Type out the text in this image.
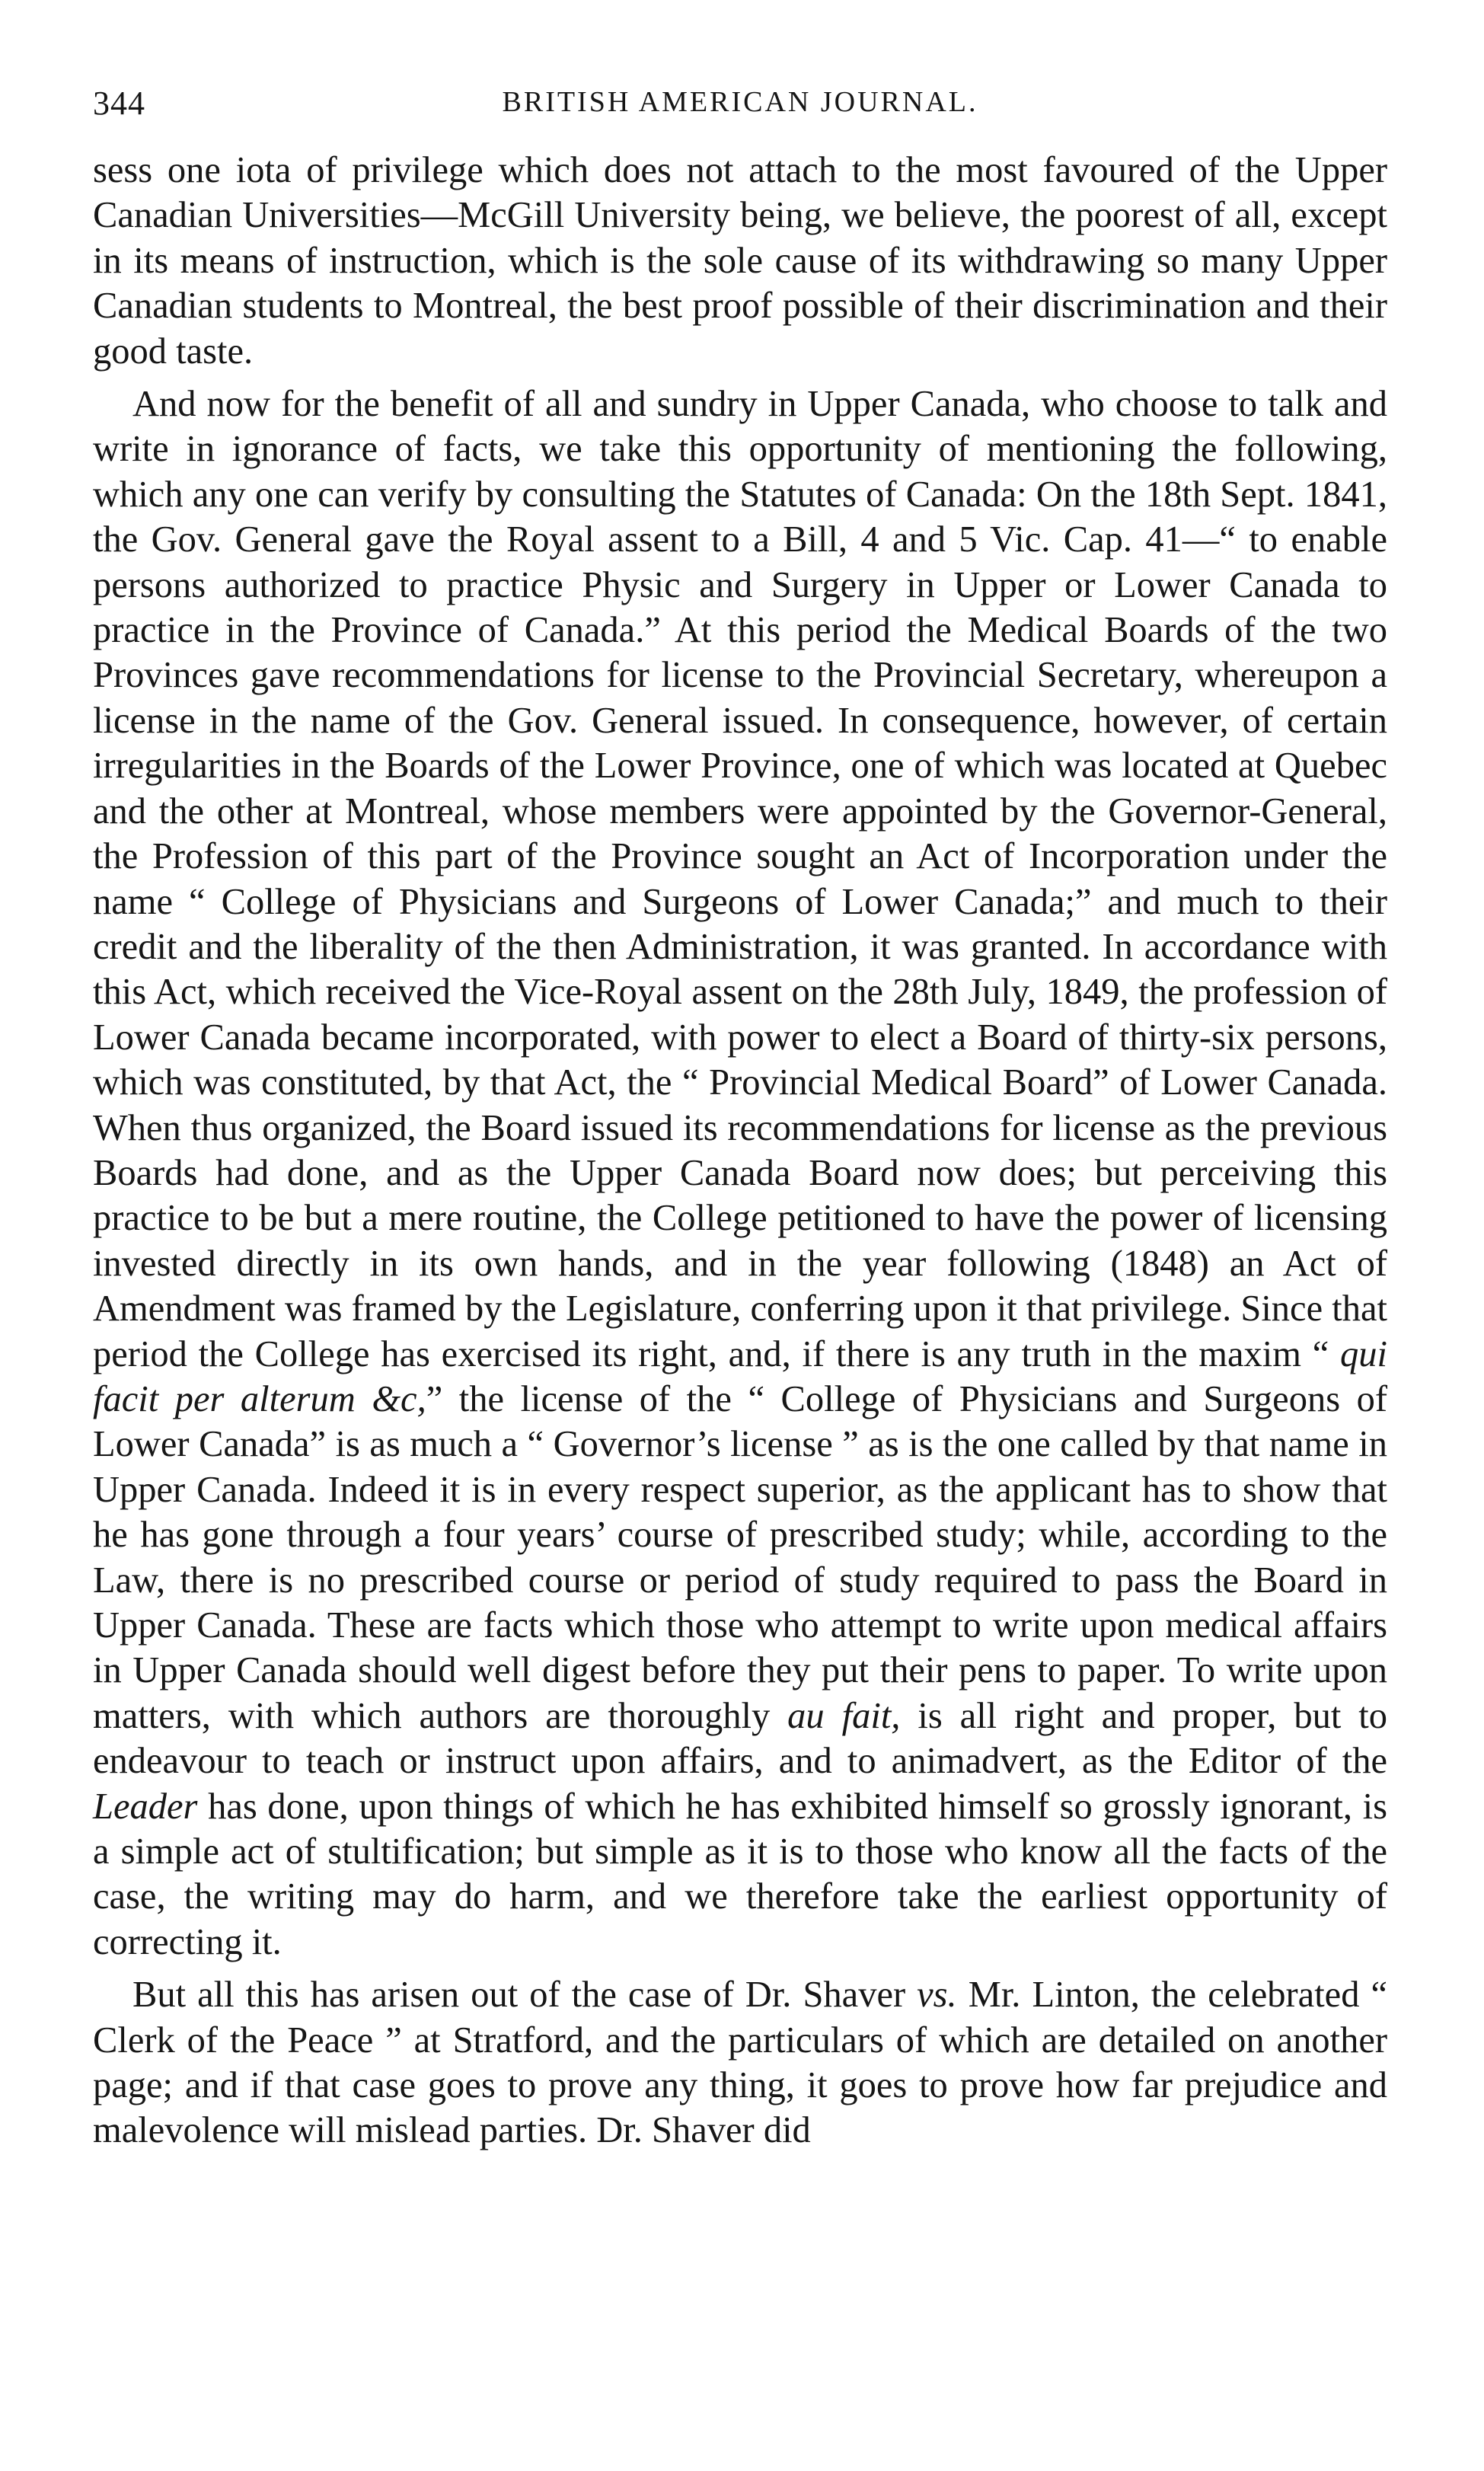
344	BRITISH AMERICAN JOURNAL.

sess one iota of privilege which does not attach to the most favoured of the Upper Canadian Universities—McGill University being, we believe, the poorest of all, except in its means of instruction, which is the sole cause of its withdrawing so many Upper Canadian students to Montreal, the best proof possible of their discrimination and their good taste.

And now for the benefit of all and sundry in Upper Canada, who choose to talk and write in ignorance of facts, we take this opportunity of mentioning the following, which any one can verify by consulting the Statutes of Canada: On the 18th Sept. 1841, the Gov. General gave the Royal assent to a Bill, 4 and 5 Vic. Cap. 41—“ to enable persons authorized to practice Physic and Surgery in Upper or Lower Canada to practice in the Province of Canada.” At this period the Medical Boards of the two Provinces gave recommendations for license to the Provincial Secretary, whereupon a license in the name of the Gov. General issued. In consequence, however, of certain irregularities in the Boards of the Lower Province, one of which was located at Quebec and the other at Montreal, whose members were appointed by the Governor-General, the Profession of this part of the Province sought an Act of Incorporation under the name “ College of Physicians and Surgeons of Lower Canada;” and much to their credit and the liberality of the then Administration, it was granted. In accordance with this Act, which received the Vice-Royal assent on the 28th July, 1849, the profession of Lower Canada became incorporated, with power to elect a Board of thirty-six persons, which was constituted, by that Act, the “ Provincial Medical Board” of Lower Canada. When thus organized, the Board issued its recommendations for license as the previous Boards had done, and as the Upper Canada Board now does; but perceiving this practice to be but a mere routine, the College petitioned to have the power of licensing invested directly in its own hands, and in the year following (1848) an Act of Amendment was framed by the Legislature, conferring upon it that privilege. Since that period the College has exercised its right, and, if there is any truth in the maxim “ qui facit per alterum &c,” the license of the “ College of Physicians and Surgeons of Lower Canada” is as much a “ Governor’s license ” as is the one called by that name in Upper Canada. Indeed it is in every respect superior, as the applicant has to show that he has gone through a four years’ course of prescribed study; while, according to the Law, there is no prescribed course or period of study required to pass the Board in Upper Canada. These are facts which those who attempt to write upon medical affairs in Upper Canada should well digest before they put their pens to paper. To write upon matters, with which authors are thoroughly au fait, is all right and proper, but to endeavour to teach or instruct upon affairs, and to animadvert, as the Editor of the Leader has done, upon things of which he has exhibited himself so grossly ignorant, is a simple act of stultification; but simple as it is to those who know all the facts of the case, the writing may do harm, and we therefore take the earliest opportunity of correcting it.

But all this has arisen out of the case of Dr. Shaver vs. Mr. Linton, the celebrated “ Clerk of the Peace ” at Stratford, and the particulars of which are detailed on another page; and if that case goes to prove any thing, it goes to prove how far prejudice and malevolence will mislead parties. Dr. Shaver did
